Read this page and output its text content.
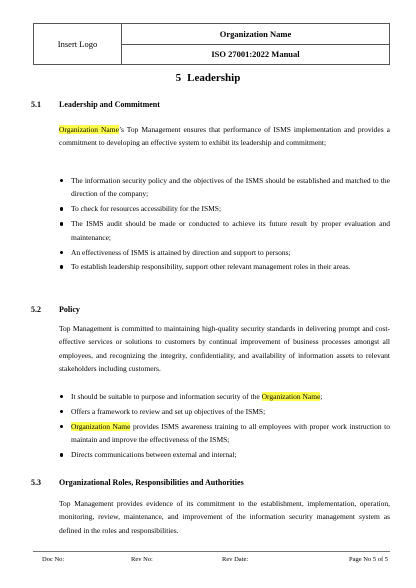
Insert Logo
Organization Name
ISO 27001:2022 Manual
5 Leadership
5.1 Leadership and Commitment
Organization Name’s Top Management ensures that performance of ISMS implementation and provides a commitment to developing an effective system to exhibit its leadership and commitment;
The information security policy and the objectives of the ISMS should be established and matched to the direction of the company;
To check for resources accessibility for the ISMS;
The ISMS audit should be made or conducted to achieve its future result by proper evaluation and maintenance;
An effectiveness of ISMS is attained by direction and support to persons;
To establish leadership responsibility, support other relevant management roles in their areas.
5.2 Policy
Top Management is committed to maintaining high-quality security standards in delivering prompt and cost-effective services or solutions to customers by continual improvement of business processes amongst all employees, and recognizing the integrity, confidentiality, and availability of information assets to relevant stakeholders including customers.
It should be suitable to purpose and information security of the Organization Name;
Offers a framework to review and set up objectives of the ISMS;
Organization Name provides ISMS awareness training to all employees with proper work instruction to maintain and improve the effectiveness of the ISMS;
Directs communications between external and internal;
5.3 Organizational Roles, Responsibilities and Authorities
Top Management provides evidence of its commitment to the establishment, implementation, operation, monitoring, review, maintenance, and improvement of the information security management system as defined in the roles and responsibilities.
Doc No:	Rev No:	Rev Date:	Page No 5 of 5
